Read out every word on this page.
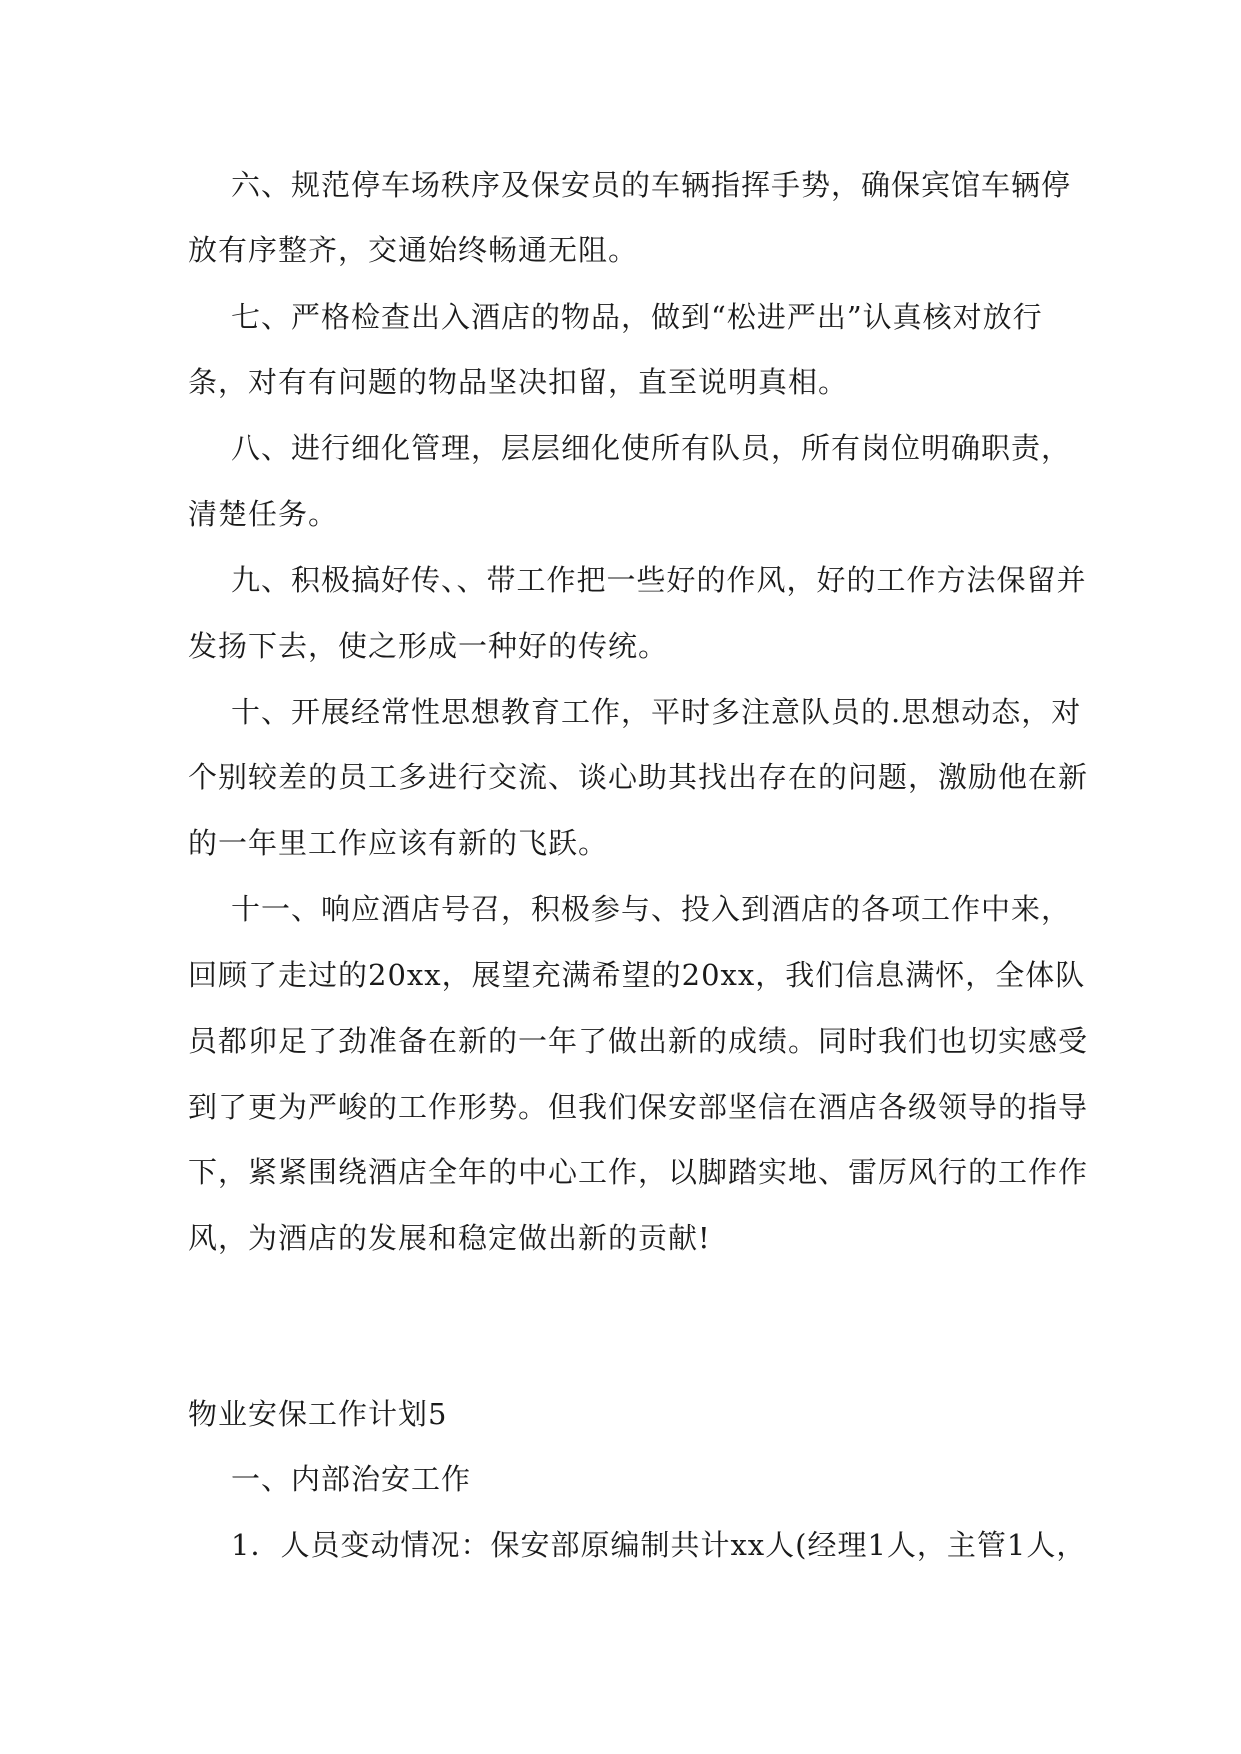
六、规范停车场秩序及保安员的车辆指挥手势，确保宾馆车辆停
放有序整齐，交通始终畅通无阻。
七、严格检查出入酒店的物品，做到“松进严出”认真核对放行
条，对有有问题的物品坚决扣留，直至说明真相。
八、进行细化管理，层层细化使所有队员，所有岗位明确职责，
清楚任务。
九、积极搞好传、、带工作把一些好的作风，好的工作方法保留并
发扬下去，使之形成一种好的传统。
十、开展经常性思想教育工作，平时多注意队员的.思想动态，对
个别较差的员工多进行交流、谈心助其找出存在的问题，激励他在新
的一年里工作应该有新的飞跃。
十一、响应酒店号召，积极参与、投入到酒店的各项工作中来，
回顾了走过的20xx，展望充满希望的20xx，我们信息满怀，全体队
员都卯足了劲准备在新的一年了做出新的成绩。同时我们也切实感受
到了更为严峻的工作形势。但我们保安部坚信在酒店各级领导的指导
下，紧紧围绕酒店全年的中心工作，以脚踏实地、雷厉风行的工作作
风，为酒店的发展和稳定做出新的贡献!
物业安保工作计划5
一、内部治安工作
1．人员变动情况：保安部原编制共计xx人(经理1人，主管1人，
